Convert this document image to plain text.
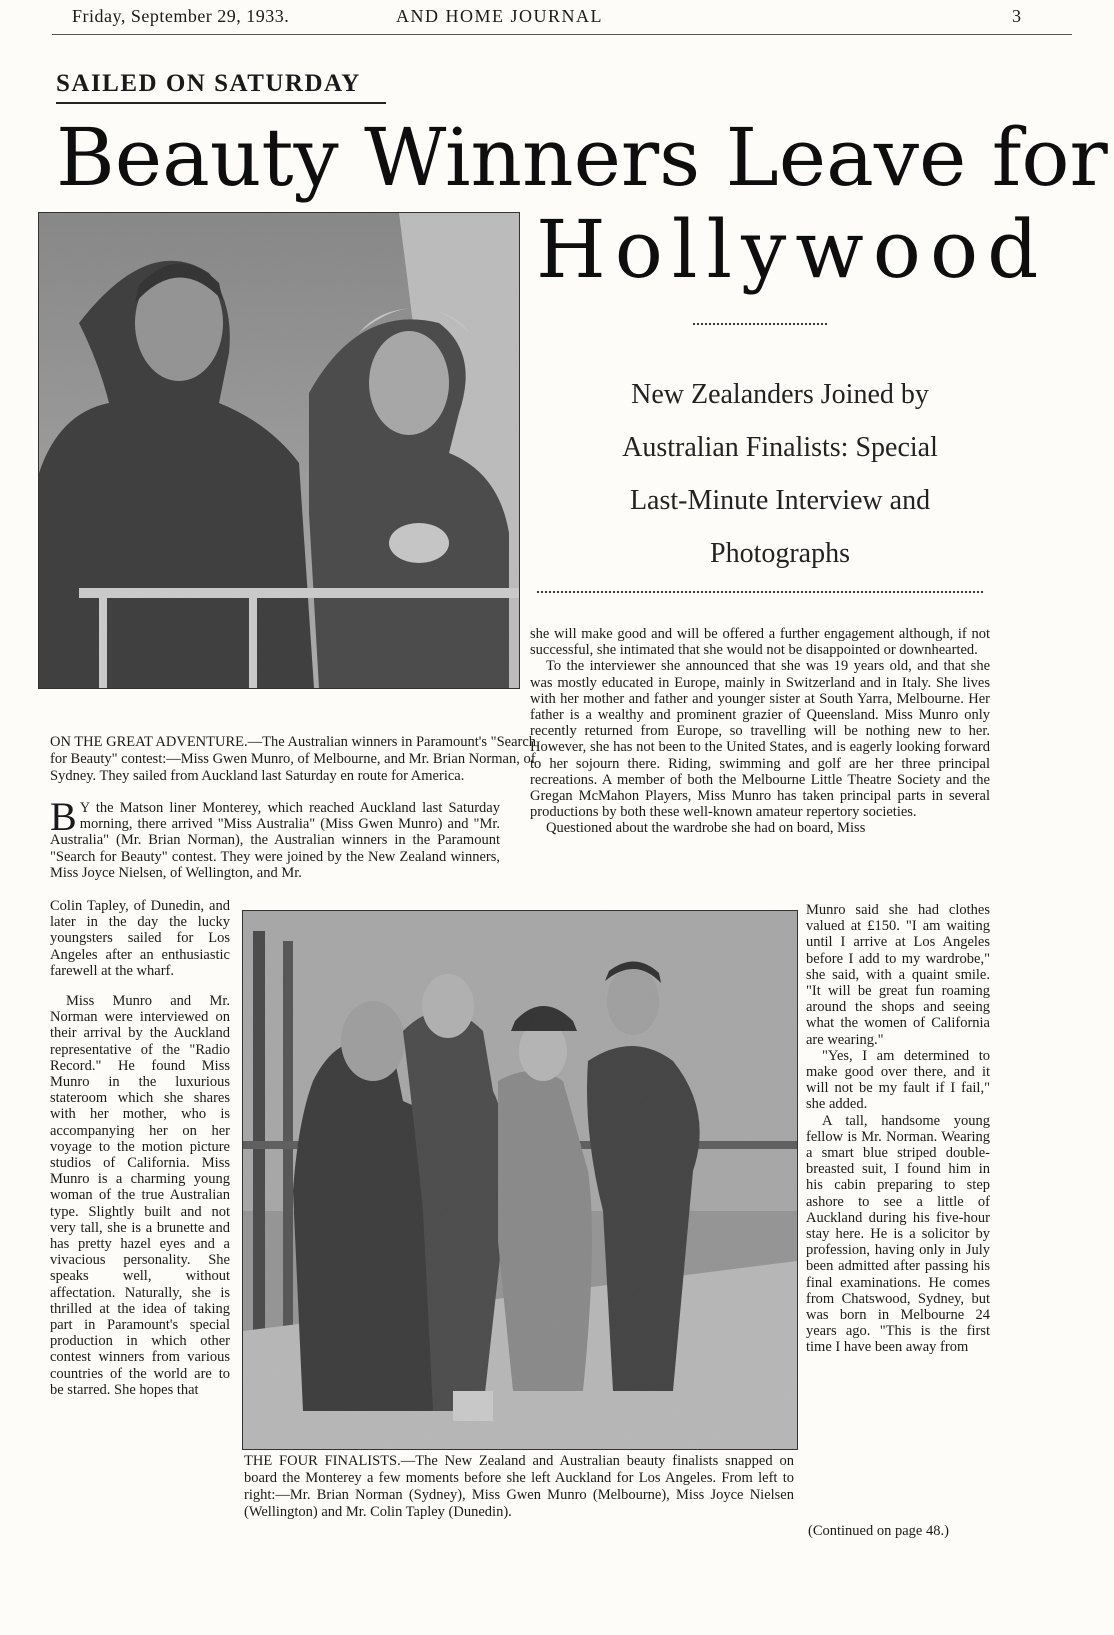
Friday, September 29, 1933.	AND HOME JOURNAL	3
SAILED ON SATURDAY
Beauty Winners Leave for
Hollywood
ON THE GREAT ADVENTURE.—The Australian winners in Paramount's "Search for Beauty" contest:—Miss Gwen Munro, of Melbourne, and Mr. Brian Norman, of Sydney. They sailed from Auckland last Saturday en route for America.
New Zealanders Joined by
Australian Finalists: Special
Last-Minute Interview and
Photographs

B Y the Matson liner Monterey, which reached Auckland last Saturday morning, there arrived "Miss Australia" (Miss Gwen Munro) and "Mr. Australia" (Mr. Brian Norman), the Australian winners in the Paramount "Search for Beauty" contest. They were joined by the New Zealand winners, Miss Joyce Nielsen, of Wellington, and Mr.

Colin Tapley, of Dunedin, and later in the day the lucky youngsters sailed for Los Angeles after an enthusiastic farewell at the wharf.

Miss Munro and Mr. Norman were interviewed on their arrival by the Auckland representative of the "Radio Record." He found Miss Munro in the luxurious stateroom which she shares with her mother, who is accompanying her on her voyage to the motion picture studios of California. Miss Munro is a charming young woman of the true Australian type. Slightly built and not very tall, she is a brunette and has pretty hazel eyes and a vivacious personality. She speaks well, without affectation. Naturally, she is thrilled at the idea of taking part in Paramount's special production in which other contest winners from various countries of the world are to be starred. She hopes that

she will make good and will be offered a further engagement although, if not successful, she intimated that she would not be disappointed or downhearted.

To the interviewer she announced that she was 19 years old, and that she was mostly educated in Europe, mainly in Switzerland and in Italy. She lives with her mother and father and younger sister at South Yarra, Melbourne. Her father is a wealthy and prominent grazier of Queensland. Miss Munro only recently returned from Europe, so travelling will be nothing new to her. However, she has not been to the United States, and is eagerly looking forward to her sojourn there. Riding, swimming and golf are her three principal recreations. A member of both the Melbourne Little Theatre Society and the Gregan McMahon Players, Miss Munro has taken principal parts in several productions by both these well-known amateur repertory societies.

Questioned about the wardrobe she had on board, Miss

THE FOUR FINALISTS.—The New Zealand and Australian beauty finalists snapped on board the Monterey a few moments before she left Auckland for Los Angeles. From left to right:—Mr. Brian Norman (Sydney), Miss Gwen Munro (Melbourne), Miss Joyce Nielsen (Wellington) and Mr. Colin Tapley (Dunedin).

Munro said she had clothes valued at £150. "I am waiting until I arrive at Los Angeles before I add to my wardrobe," she said, with a quaint smile. "It will be great fun roaming around the shops and seeing what the women of California are wearing."

"Yes, I am determined to make good over there, and it will not be my fault if I fail," she added.

A tall, handsome young fellow is Mr. Norman. Wearing a smart blue striped double-breasted suit, I found him in his cabin preparing to step ashore to see a little of Auckland during his five-hour stay here. He is a solicitor by profession, having only in July been admitted after passing his final examinations. He comes from Chatswood, Sydney, but was born in Melbourne 24 years ago. "This is the first time I have been away from

(Continued on page 48.)
